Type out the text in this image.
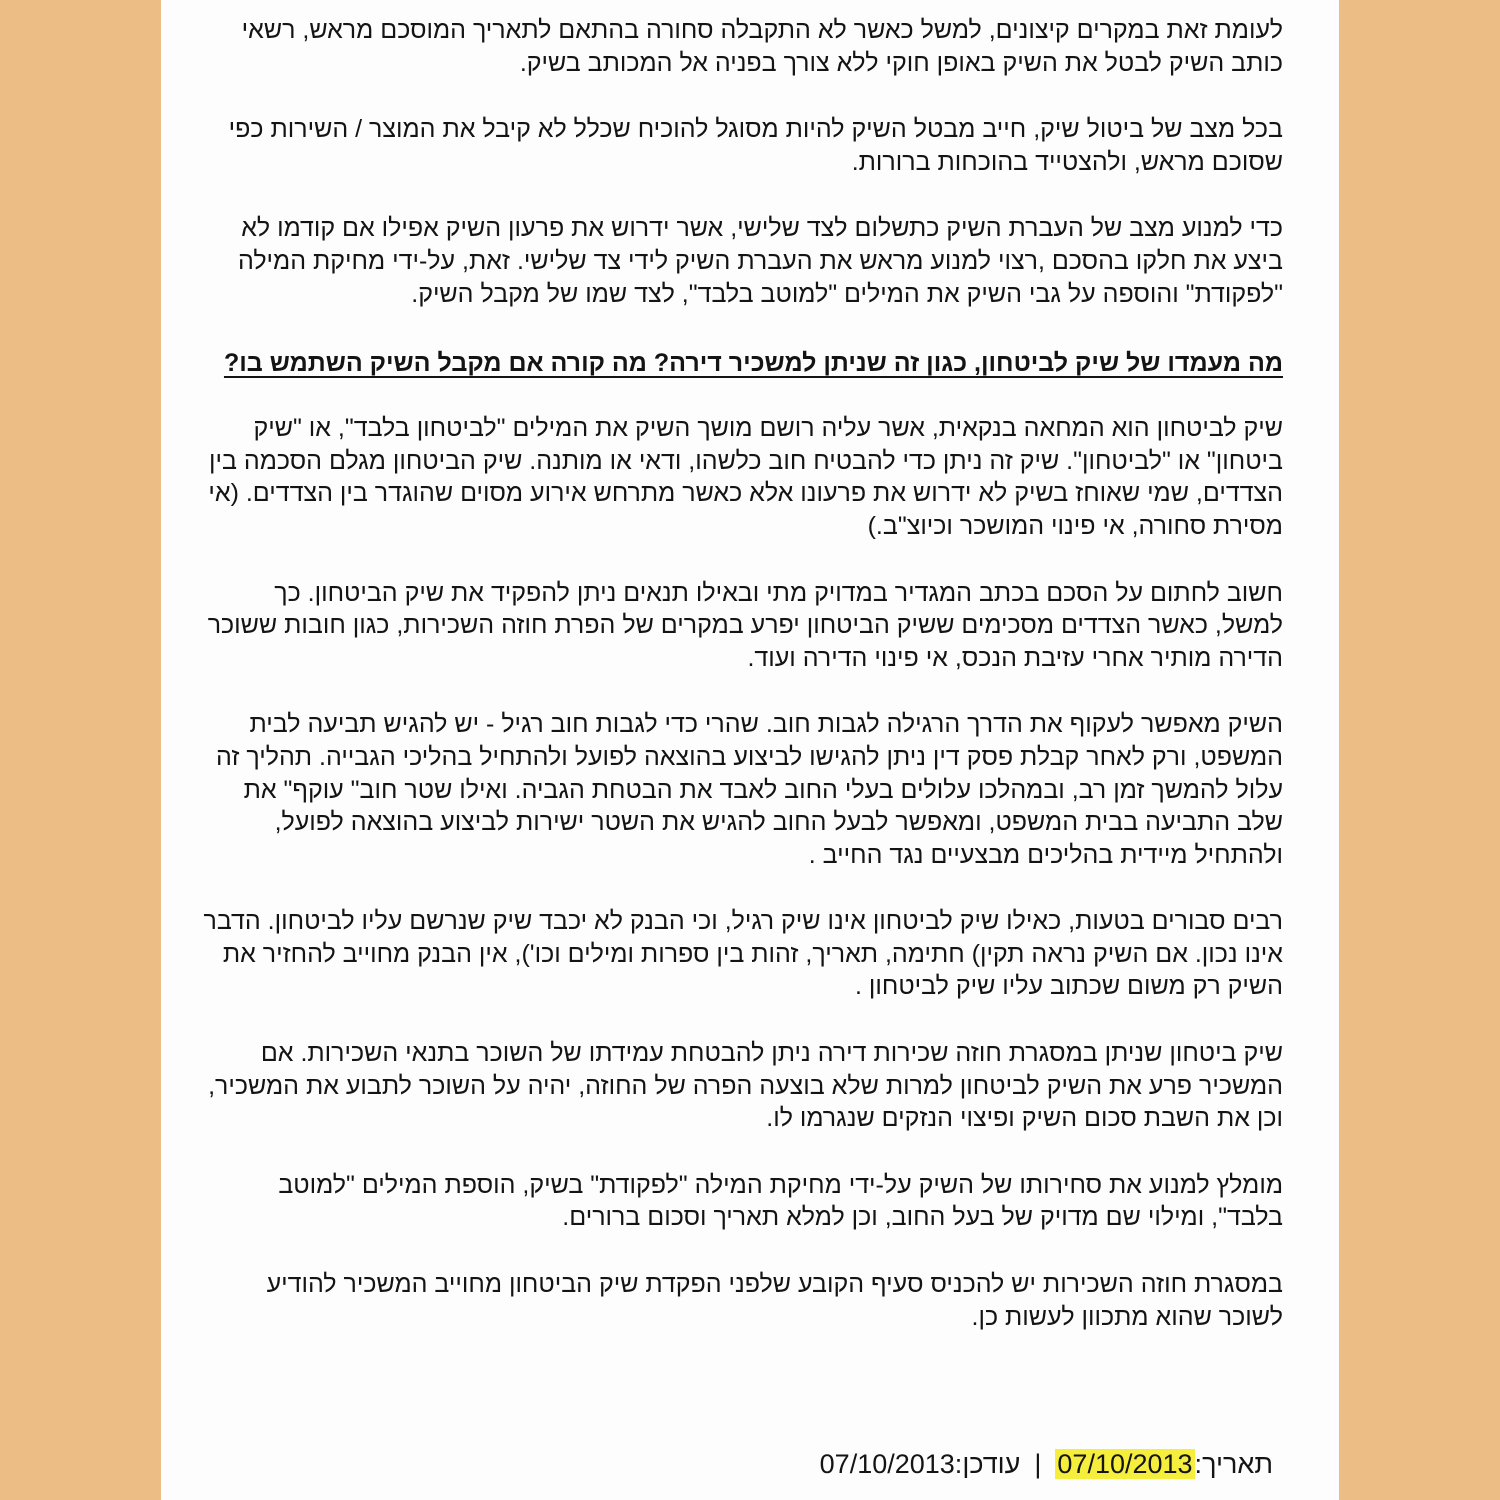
לעומת זאת במקרים קיצונים, למשל כאשר לא התקבלה סחורה בהתאם לתאריך המוסכם מראש, רשאי כותב השיק לבטל את השיק באופן חוקי ללא צורך בפניה אל המכותב בשיק.

בכל מצב של ביטול שיק, חייב מבטל השיק להיות מסוגל להוכיח שכלל לא קיבל את המוצר / השירות כפי שסוכם מראש, ולהצטייד בהוכחות ברורות.

כדי למנוע מצב של העברת השיק כתשלום לצד שלישי, אשר ידרוש את פרעון השיק אפילו אם קודמו לא ביצע את חלקו בהסכם ,רצוי למנוע מראש את העברת השיק לידי צד שלישי. זאת, על-ידי מחיקת המילה "לפקודת" והוספה על גבי השיק את המילים "למוטב בלבד", לצד שמו של מקבל השיק.

מה מעמדו של שיק לביטחון, כגון זה שניתן למשכיר דירה? מה קורה אם מקבל השיק השתמש בו?

שיק לביטחון הוא המחאה בנקאית, אשר עליה רושם מושך השיק את המילים "לביטחון בלבד", או "שיק ביטחון" או "לביטחון". שיק זה ניתן כדי להבטיח חוב כלשהו, ודאי או מותנה. שיק הביטחון מגלם הסכמה בין הצדדים, שמי שאוחז בשיק לא ידרוש את פרעונו אלא כאשר מתרחש אירוע מסוים שהוגדר בין הצדדים. (אי מסירת סחורה, אי פינוי המושכר וכיוצ"ב.)

חשוב לחתום על הסכם בכתב המגדיר במדויק מתי ובאילו תנאים ניתן להפקיד את שיק הביטחון. כך למשל, כאשר הצדדים מסכימים ששיק הביטחון יפרע במקרים של הפרת חוזה השכירות, כגון חובות ששוכר הדירה מותיר אחרי עזיבת הנכס, אי פינוי הדירה ועוד.

השיק מאפשר לעקוף את הדרך הרגילה לגבות חוב. שהרי כדי לגבות חוב רגיל - יש להגיש תביעה לבית המשפט, ורק לאחר קבלת פסק דין ניתן להגישו לביצוע בהוצאה לפועל ולהתחיל בהליכי הגבייה. תהליך זה עלול להמשך זמן רב, ובמהלכו עלולים בעלי החוב לאבד את הבטחת הגביה. ואילו שטר חוב" עוקף" את שלב התביעה בבית המשפט, ומאפשר לבעל החוב להגיש את השטר ישירות לביצוע בהוצאה לפועל, ולהתחיל מיידית בהליכים מבצעיים נגד החייב .

רבים סבורים בטעות, כאילו שיק לביטחון אינו שיק רגיל, וכי הבנק לא יכבד שיק שנרשם עליו לביטחון. הדבר אינו נכון. אם השיק נראה תקין) חתימה, תאריך, זהות בין ספרות ומילים וכו'), אין הבנק מחוייב להחזיר את השיק רק משום שכתוב עליו שיק לביטחון .

שיק ביטחון שניתן במסגרת חוזה שכירות דירה ניתן להבטחת עמידתו של השוכר בתנאי השכירות. אם המשכיר פרע את השיק לביטחון למרות שלא בוצעה הפרה של החוזה, יהיה על השוכר לתבוע את המשכיר, וכן את השבת סכום השיק ופיצוי הנזקים שנגרמו לו.

מומלץ למנוע את סחירותו של השיק על-ידי מחיקת המילה "לפקודת" בשיק, הוספת המילים "למוטב בלבד", ומילוי שם מדויק של בעל החוב, וכן למלא תאריך וסכום ברורים.

במסגרת חוזה השכירות יש להכניס סעיף הקובע שלפני הפקדת שיק הביטחון מחוייב המשכיר להודיע לשוכר שהוא מתכוון לעשות כן.

תאריך:07/10/2013|עודכן:07/10/2013
